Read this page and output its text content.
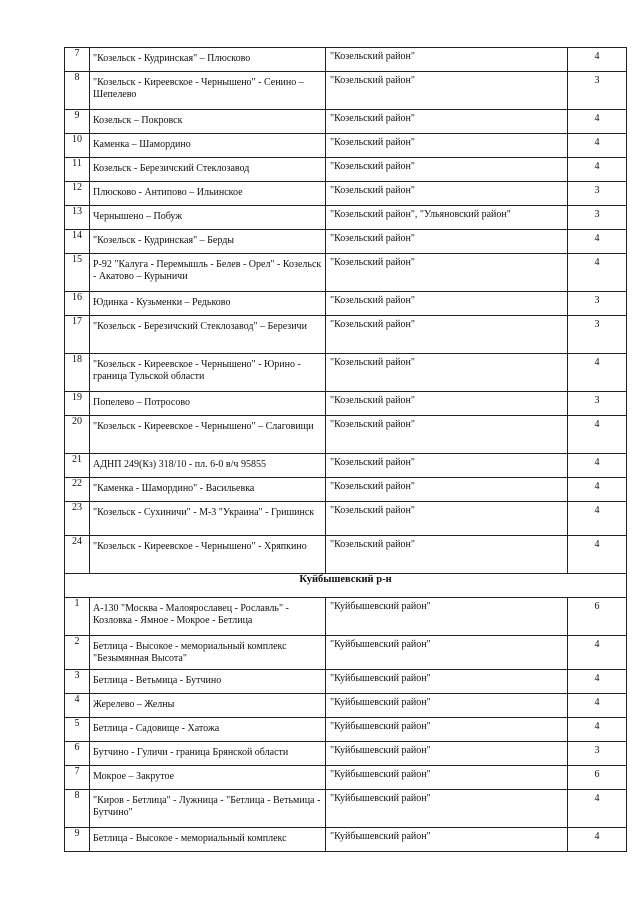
7	"Козельск - Кудринская" – Плюсково	"Козельский район"	4
8	"Козельск - Киреевское - Чернышено" - Сенино – Шепелево	"Козельский район"	3
9	Козельск – Покровск	"Козельский район"	4
10	Каменка – Шамордино	"Козельский район"	4
11	Козельск - Березичский Стеклозавод	"Козельский район"	4
12	Плюсково - Антипово – Ильинское	"Козельский район"	3
13	Чернышено – Побуж	"Козельский район", "Ульяновский район"	3
14	"Козельск - Кудринская" – Берды	"Козельский район"	4
15	Р-92 "Калуга - Перемышль - Белев - Орел" - Козельск - Акатово – Курыничи	"Козельский район"	4
16	Юдинка - Кузьменки – Редьково	"Козельский район"	3
17	"Козельск - Березичский Стеклозавод" – Березичи	"Козельский район"	3
18	"Козельск - Киреевское - Чернышено" - Юрино - граница Тульской области	"Козельский район"	4
19	Попелево – Потросово	"Козельский район"	3
20	"Козельск - Киреевское - Чернышено" – Слаговищи	"Козельский район"	4
21	АДНП 249(Кз) 318/10 - пл. 6-0 в/ч 95855	"Козельский район"	4
22	"Каменка - Шамордино" - Васильевка	"Козельский район"	4
23	"Козельск - Сухиничи" - М-3 "Украина" - Гришинск	"Козельский район"	4
24	"Козельск - Киреевское - Чернышено" - Хряпкино	"Козельский район"	4
Куйбышевский р-н			
1	А-130 "Москва - Малоярославец - Рославль" - Козловка - Ямное - Мокрое - Бетлица	"Куйбышевский район"	6
2	Бетлица - Высокое - мемориальный комплекс "Безымянная Высота"	"Куйбышевский район"	4
3	Бетлица - Ветьмица - Бутчино	"Куйбышевский район"	4
4	Жерелево – Желны	"Куйбышевский район"	4
5	Бетлица - Садовище - Хатожа	"Куйбышевский район"	4
6	Бутчино - Гуличи - граница Брянской области	"Куйбышевский район"	3
7	Мокрое – Закрутое	"Куйбышевский район"	6
8	"Киров - Бетлица" - Лужница - "Бетлица - Ветьмица - Бутчино"	"Куйбышевский район"	4
9	Бетлица - Высокое - мемориальный комплекс	"Куйбышевский район"	4
